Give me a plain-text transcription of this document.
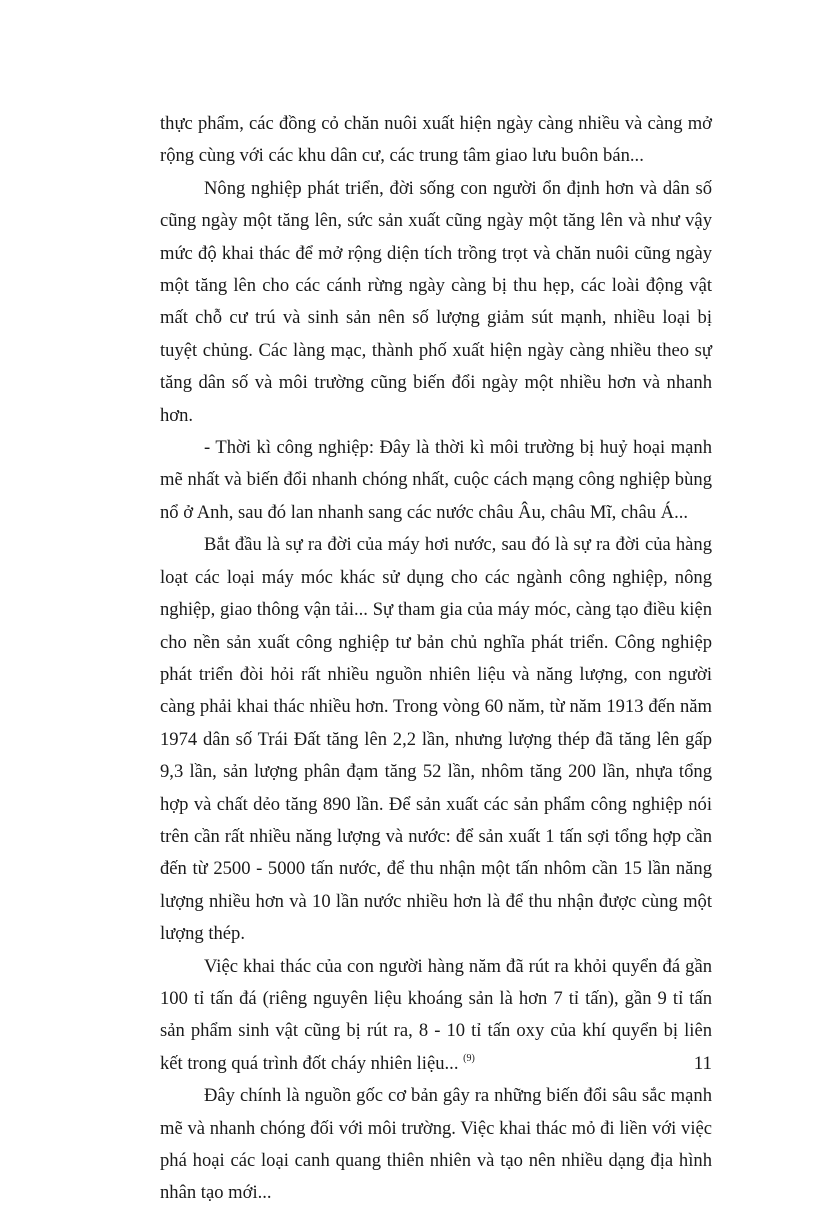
thực phẩm, các đồng cỏ chăn nuôi xuất hiện ngày càng nhiều và càng mở rộng cùng với các khu dân cư, các trung tâm giao lưu buôn bán...

Nông nghiệp phát triển, đời sống con người ổn định hơn và dân số cũng ngày một tăng lên, sức sản xuất cũng ngày một tăng lên và như vậy mức độ khai thác để mở rộng diện tích trồng trọt và chăn nuôi cũng ngày một tăng lên cho các cánh rừng ngày càng bị thu hẹp, các loài động vật mất chỗ cư trú và sinh sản nên số lượng giảm sút mạnh, nhiều loại bị tuyệt chủng. Các làng mạc, thành phố xuất hiện ngày càng nhiều theo sự tăng dân số và môi trường cũng biến đổi ngày một nhiều hơn và nhanh hơn.

- Thời kì công nghiệp: Đây là thời kì môi trường bị huỷ hoại mạnh mẽ nhất và biến đổi nhanh chóng nhất, cuộc cách mạng công nghiệp bùng nổ ở Anh, sau đó lan nhanh sang các nước châu Âu, châu Mĩ, châu Á...

Bắt đầu là sự ra đời của máy hơi nước, sau đó là sự ra đời của hàng loạt các loại máy móc khác sử dụng cho các ngành công nghiệp, nông nghiệp, giao thông vận tải... Sự tham gia của máy móc, càng tạo điều kiện cho nền sản xuất công nghiệp tư bản chủ nghĩa phát triển. Công nghiệp phát triển đòi hỏi rất nhiều nguồn nhiên liệu và năng lượng, con người càng phải khai thác nhiều hơn. Trong vòng 60 năm, từ năm 1913 đến năm 1974 dân số Trái Đất tăng lên 2,2 lần, nhưng lượng thép đã tăng lên gấp 9,3 lần, sản lượng phân đạm tăng 52 lần, nhôm tăng 200 lần, nhựa tổng hợp và chất dẻo tăng 890 lần. Để sản xuất các sản phẩm công nghiệp nói trên cần rất nhiều năng lượng và nước: để sản xuất 1 tấn sợi tổng hợp cần đến từ 2500 - 5000 tấn nước, để thu nhận một tấn nhôm cần 15 lần năng lượng nhiều hơn và 10 lần nước nhiều hơn là để thu nhận được cùng một lượng thép.

Việc khai thác của con người hàng năm đã rút ra khỏi quyển đá gần 100 tỉ tấn đá (riêng nguyên liệu khoáng sản là hơn 7 tỉ tấn), gần 9 tỉ tấn sản phẩm sinh vật cũng bị rút ra, 8 - 10 tỉ tấn oxy của khí quyển bị liên kết trong quá trình đốt cháy nhiên liệu... $^{(9)}$

Đây chính là nguồn gốc cơ bản gây ra những biến đổi sâu sắc mạnh mẽ và nhanh chóng đối với môi trường. Việc khai thác mỏ đi liền với việc phá hoại các loại canh quang thiên nhiên và tạo nên nhiều dạng địa hình nhân tạo mới...

11
